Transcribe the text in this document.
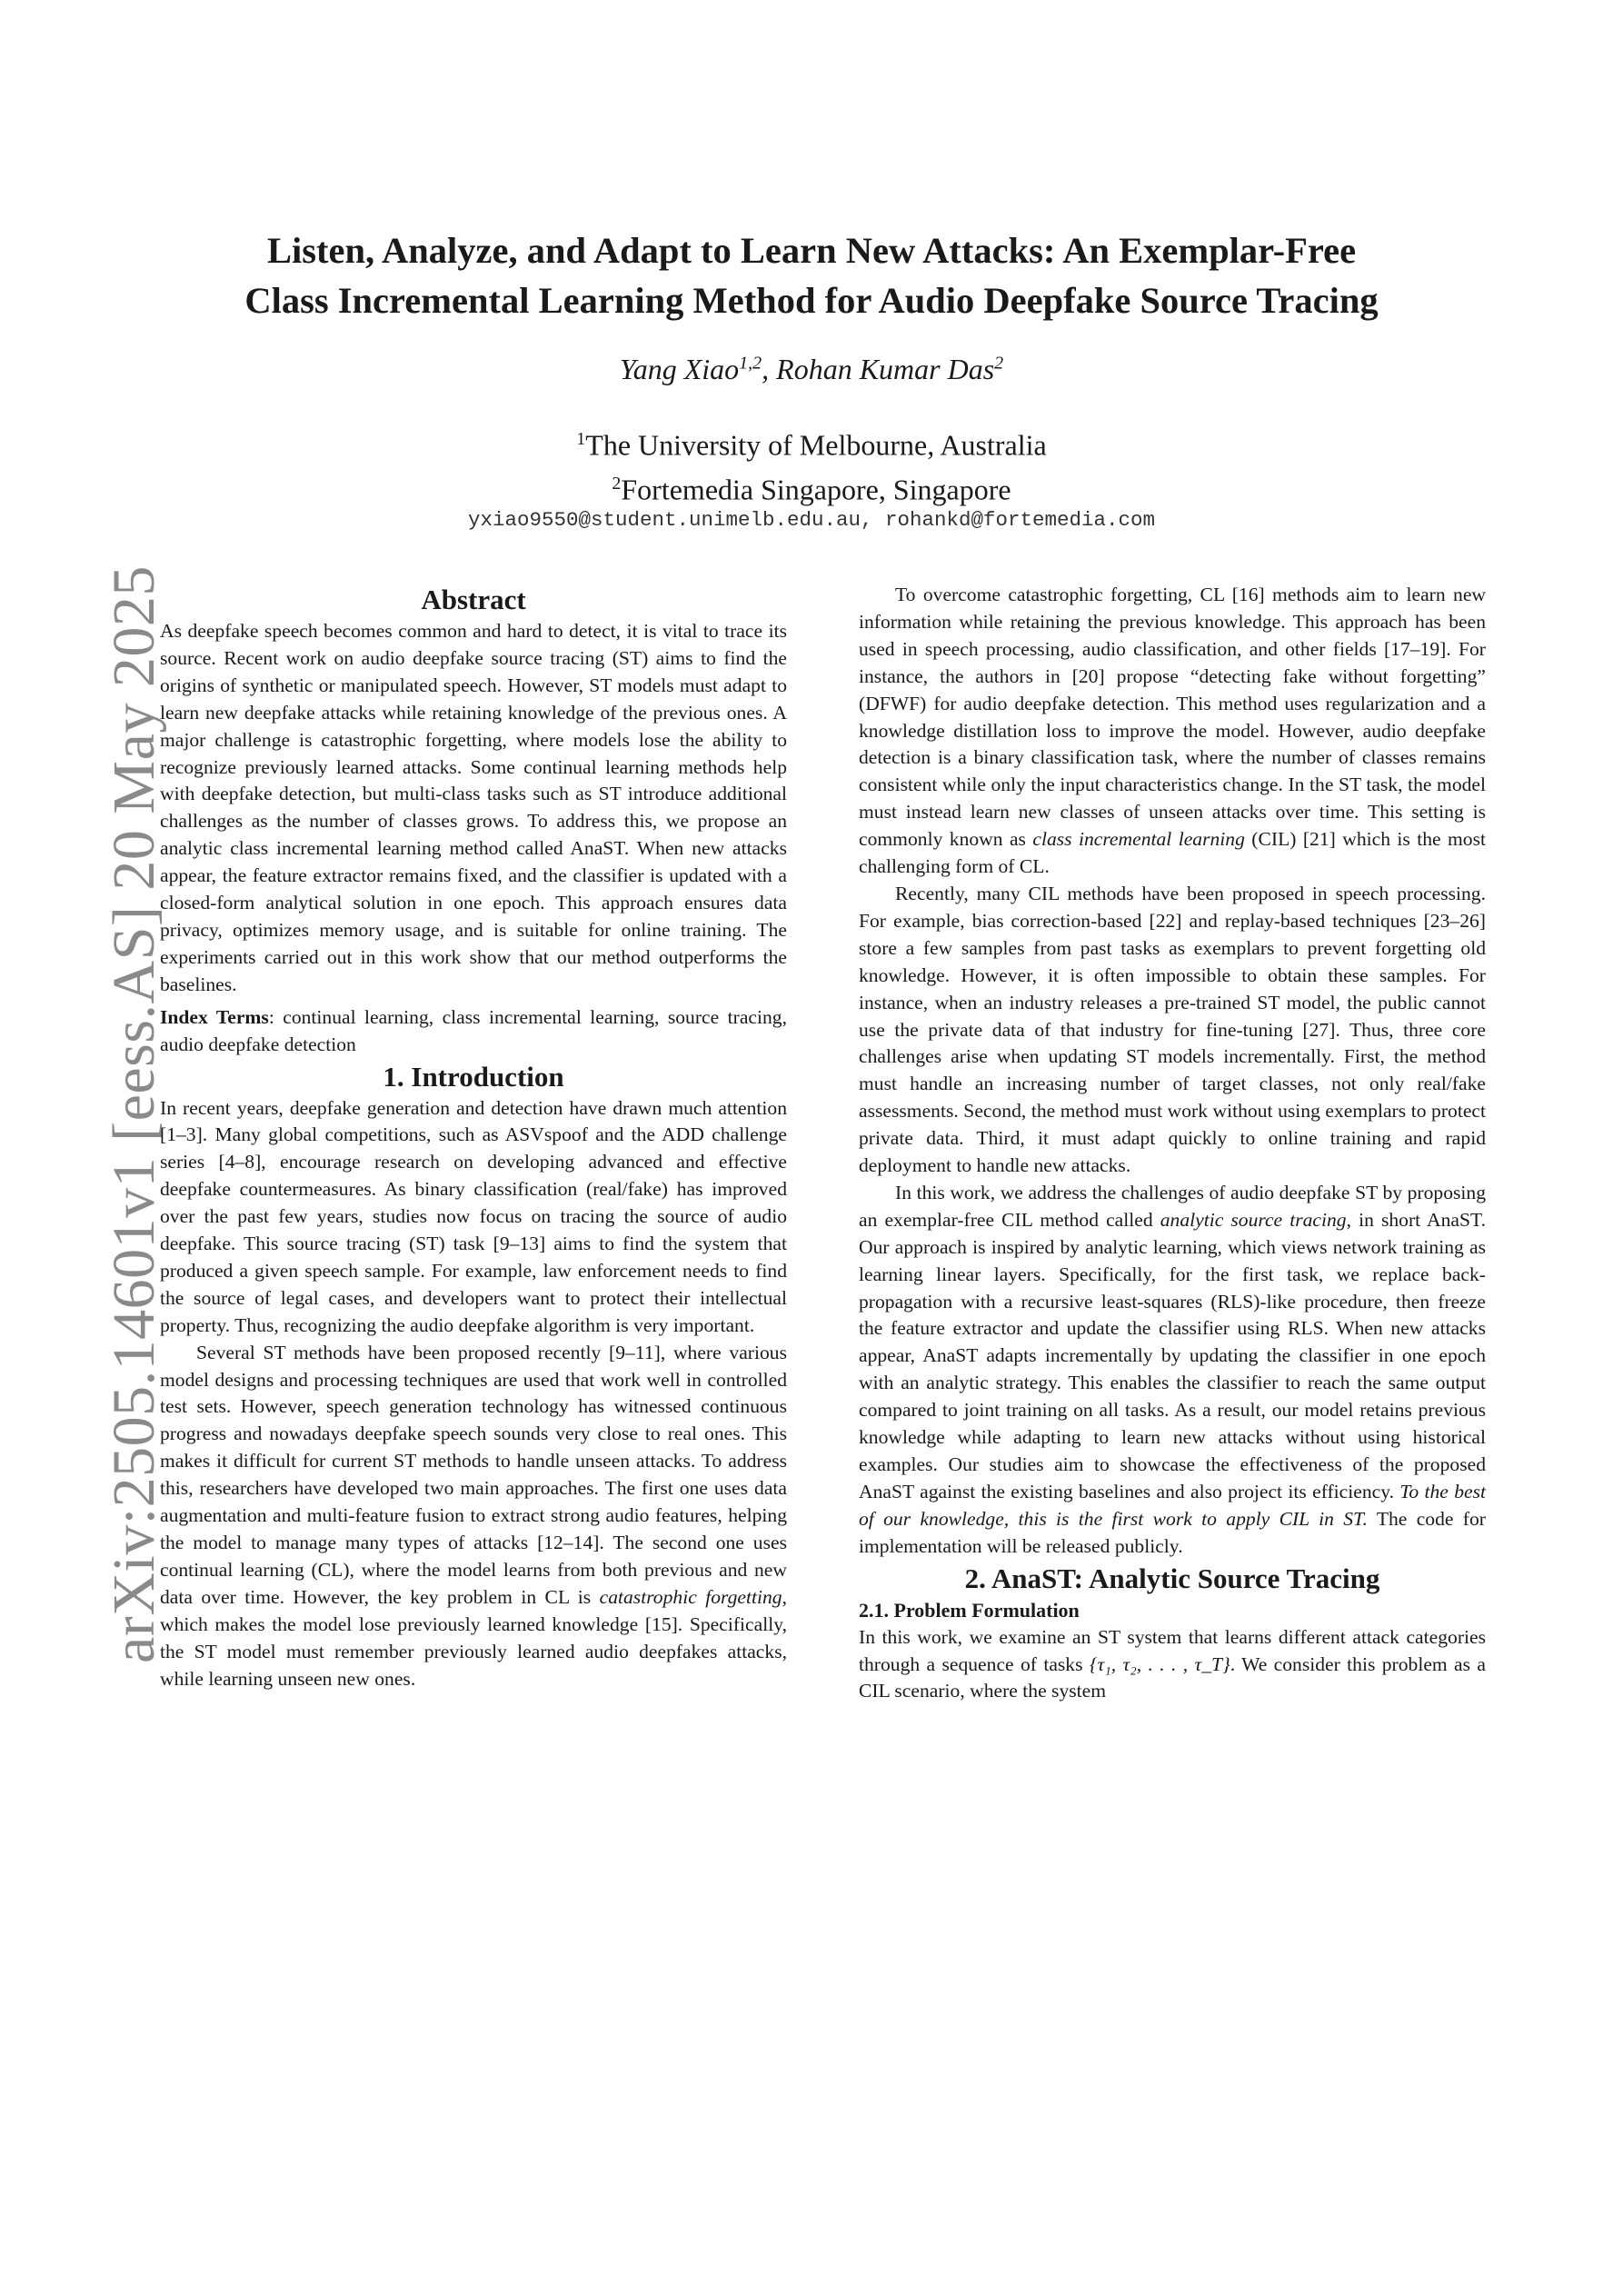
arXiv:2505.14601v1 [eess.AS] 20 May 2025
Listen, Analyze, and Adapt to Learn New Attacks: An Exemplar-Free
Class Incremental Learning Method for Audio Deepfake Source Tracing
Yang Xiao$^{1,2}$, Rohan Kumar Das$^2$
$^1$The University of Melbourne, Australia
$^2$Fortemedia Singapore, Singapore
yxiao9550@student.unimelb.edu.au, rohankd@fortemedia.com
Abstract

As deepfake speech becomes common and hard to detect, it is vital to trace its source. Recent work on audio deepfake source tracing (ST) aims to find the origins of synthetic or manipulated speech. However, ST models must adapt to learn new deepfake attacks while retaining knowledge of the previous ones. A major challenge is catastrophic forgetting, where models lose the ability to recognize previously learned attacks. Some continual learning methods help with deepfake detection, but multi-class tasks such as ST introduce additional challenges as the number of classes grows. To address this, we propose an analytic class incremental learning method called AnaST. When new attacks appear, the feature extractor remains fixed, and the classifier is updated with a closed-form analytical solution in one epoch. This approach ensures data privacy, optimizes memory usage, and is suitable for online training. The experiments carried out in this work show that our method outperforms the baselines.

Index Terms: continual learning, class incremental learning, source tracing, audio deepfake detection

1. Introduction

In recent years, deepfake generation and detection have drawn much attention [1–3]. Many global competitions, such as ASVspoof and the ADD challenge series [4–8], encourage research on developing advanced and effective deepfake countermeasures. As binary classification (real/fake) has improved over the past few years, studies now focus on tracing the source of audio deepfake. This source tracing (ST) task [9–13] aims to find the system that produced a given speech sample. For example, law enforcement needs to find the source of legal cases, and developers want to protect their intellectual property. Thus, recognizing the audio deepfake algorithm is very important.

Several ST methods have been proposed recently [9–11], where various model designs and processing techniques are used that work well in controlled test sets. However, speech generation technology has witnessed continuous progress and nowadays deepfake speech sounds very close to real ones. This makes it difficult for current ST methods to handle unseen attacks. To address this, researchers have developed two main approaches. The first one uses data augmentation and multi-feature fusion to extract strong audio features, helping the model to manage many types of attacks [12–14]. The second one uses continual learning (CL), where the model learns from both previous and new data over time. However, the key problem in CL is catastrophic forgetting, which makes the model lose previously learned knowledge [15]. Specifically, the ST model must remember previously learned audio deepfakes attacks, while learning unseen new ones.

To overcome catastrophic forgetting, CL [16] methods aim to learn new information while retaining the previous knowledge. This approach has been used in speech processing, audio classification, and other fields [17–19]. For instance, the authors in [20] propose “detecting fake without forgetting” (DFWF) for audio deepfake detection. This method uses regularization and a knowledge distillation loss to improve the model. However, audio deepfake detection is a binary classification task, where the number of classes remains consistent while only the input characteristics change. In the ST task, the model must instead learn new classes of unseen attacks over time. This setting is commonly known as class incremental learning (CIL) [21] which is the most challenging form of CL.

Recently, many CIL methods have been proposed in speech processing. For example, bias correction-based [22] and replay-based techniques [23–26] store a few samples from past tasks as exemplars to prevent forgetting old knowledge. However, it is often impossible to obtain these samples. For instance, when an industry releases a pre-trained ST model, the public cannot use the private data of that industry for fine-tuning [27]. Thus, three core challenges arise when updating ST models incrementally. First, the method must handle an increasing number of target classes, not only real/fake assessments. Second, the method must work without using exemplars to protect private data. Third, it must adapt quickly to online training and rapid deployment to handle new attacks.

In this work, we address the challenges of audio deepfake ST by proposing an exemplar-free CIL method called analytic source tracing, in short AnaST. Our approach is inspired by analytic learning, which views network training as learning linear layers. Specifically, for the first task, we replace back-propagation with a recursive least-squares (RLS)-like procedure, then freeze the feature extractor and update the classifier using RLS. When new attacks appear, AnaST adapts incrementally by updating the classifier in one epoch with an analytic strategy. This enables the classifier to reach the same output compared to joint training on all tasks. As a result, our model retains previous knowledge while adapting to learn new attacks without using historical examples. Our studies aim to showcase the effectiveness of the proposed AnaST against the existing baselines and also project its efficiency. To the best of our knowledge, this is the first work to apply CIL in ST. The code for implementation will be released publicly.

2. AnaST: Analytic Source Tracing
2.1. Problem Formulation

In this work, we examine an ST system that learns different attack categories through a sequence of tasks {τ₁, τ₂, . . . , τ_T}. We consider this problem as a CIL scenario, where the system
